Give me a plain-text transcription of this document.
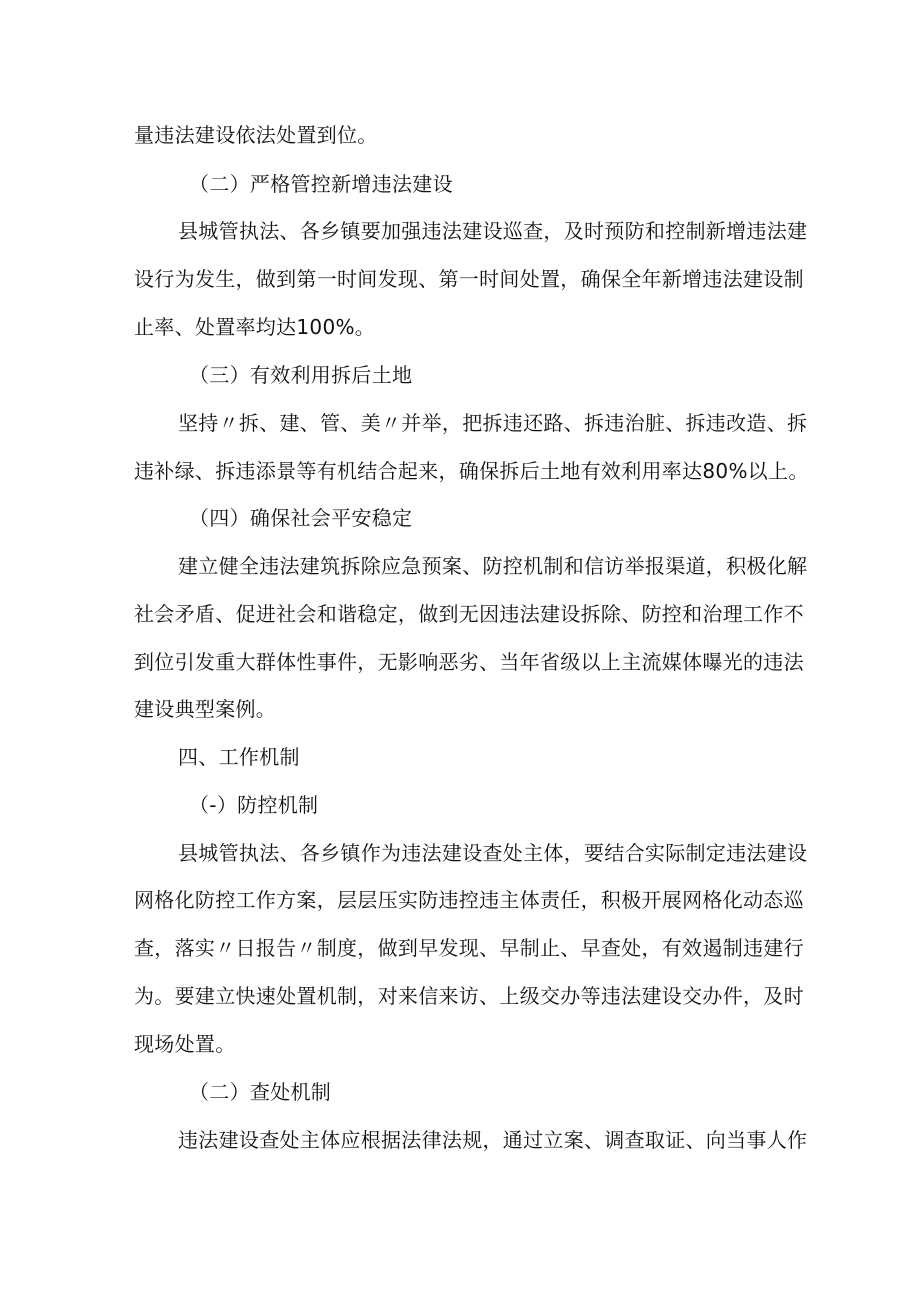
量违法建设依法处置到位。
（二）严格管控新增违法建设
县城管执法、各乡镇要加强违法建设巡查，及时预防和控制新增违法建
设行为发生，做到第一时间发现、第一时间处置，确保全年新增违法建设制
止率、处置率均达100%。
（三）有效利用拆后土地
坚持〃拆、建、管、美〃并举，把拆违还路、拆违治脏、拆违改造、拆
违补绿、拆违添景等有机结合起来，确保拆后土地有效利用率达80%以上。
（四）确保社会平安稳定
建立健全违法建筑拆除应急预案、防控机制和信访举报渠道，积极化解
社会矛盾、促进社会和谐稳定，做到无因违法建设拆除、防控和治理工作不
到位引发重大群体性事件，无影响恶劣、当年省级以上主流媒体曝光的违法
建设典型案例。
四、工作机制
（-）防控机制
县城管执法、各乡镇作为违法建设查处主体，要结合实际制定违法建设
网格化防控工作方案，层层压实防违控违主体责任，积极开展网格化动态巡
查，落实〃日报告〃制度，做到早发现、早制止、早查处，有效遏制违建行
为。要建立快速处置机制，对来信来访、上级交办等违法建设交办件，及时
现场处置。
（二）查处机制
违法建设查处主体应根据法律法规，通过立案、调查取证、向当事人作
